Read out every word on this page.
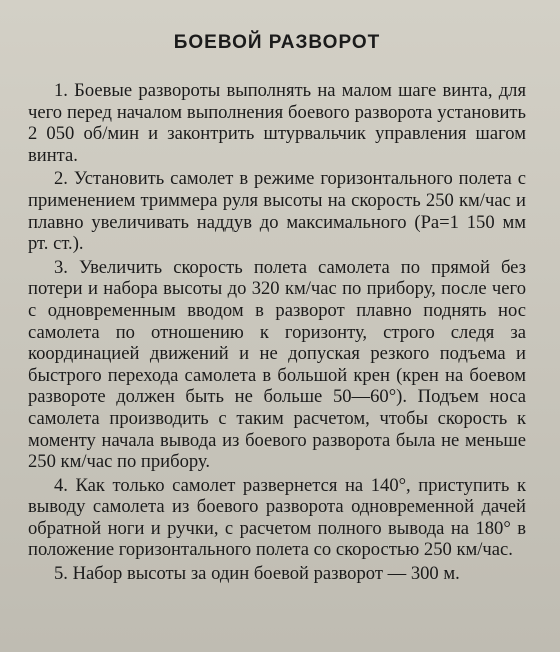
БОЕВОЙ РАЗВОРОТ

1. Боевые развороты выполнять на малом шаге винта, для чего перед началом выполнения боевого разворота установить 2 050 об/мин и законтрить штурвальчик управления шагом винта.

2. Установить самолет в режиме горизонтального полета с применением триммера руля высоты на скорость 250 км/час и плавно увеличивать наддув до максимального (Pa=1 150 мм рт. ст.).

3. Увеличить скорость полета самолета по прямой без потери и набора высоты до 320 км/час по прибору, после чего с одновременным вводом в разворот плавно поднять нос самолета по отношению к горизонту, строго следя за координацией движений и не допуская резкого подъема и быстрого перехода самолета в большой крен (крен на боевом развороте должен быть не больше 50—60°). Подъем носа самолета производить с таким расчетом, чтобы скорость к моменту начала вывода из боевого разворота была не меньше 250 км/час по прибору.

4. Как только самолет развернется на 140°, приступить к выводу самолета из боевого разворота одновременной дачей обратной ноги и ручки, с расчетом полного вывода на 180° в положение горизонтального полета со скоростью 250 км/час.

5. Набор высоты за один боевой разворот — 300 м.
